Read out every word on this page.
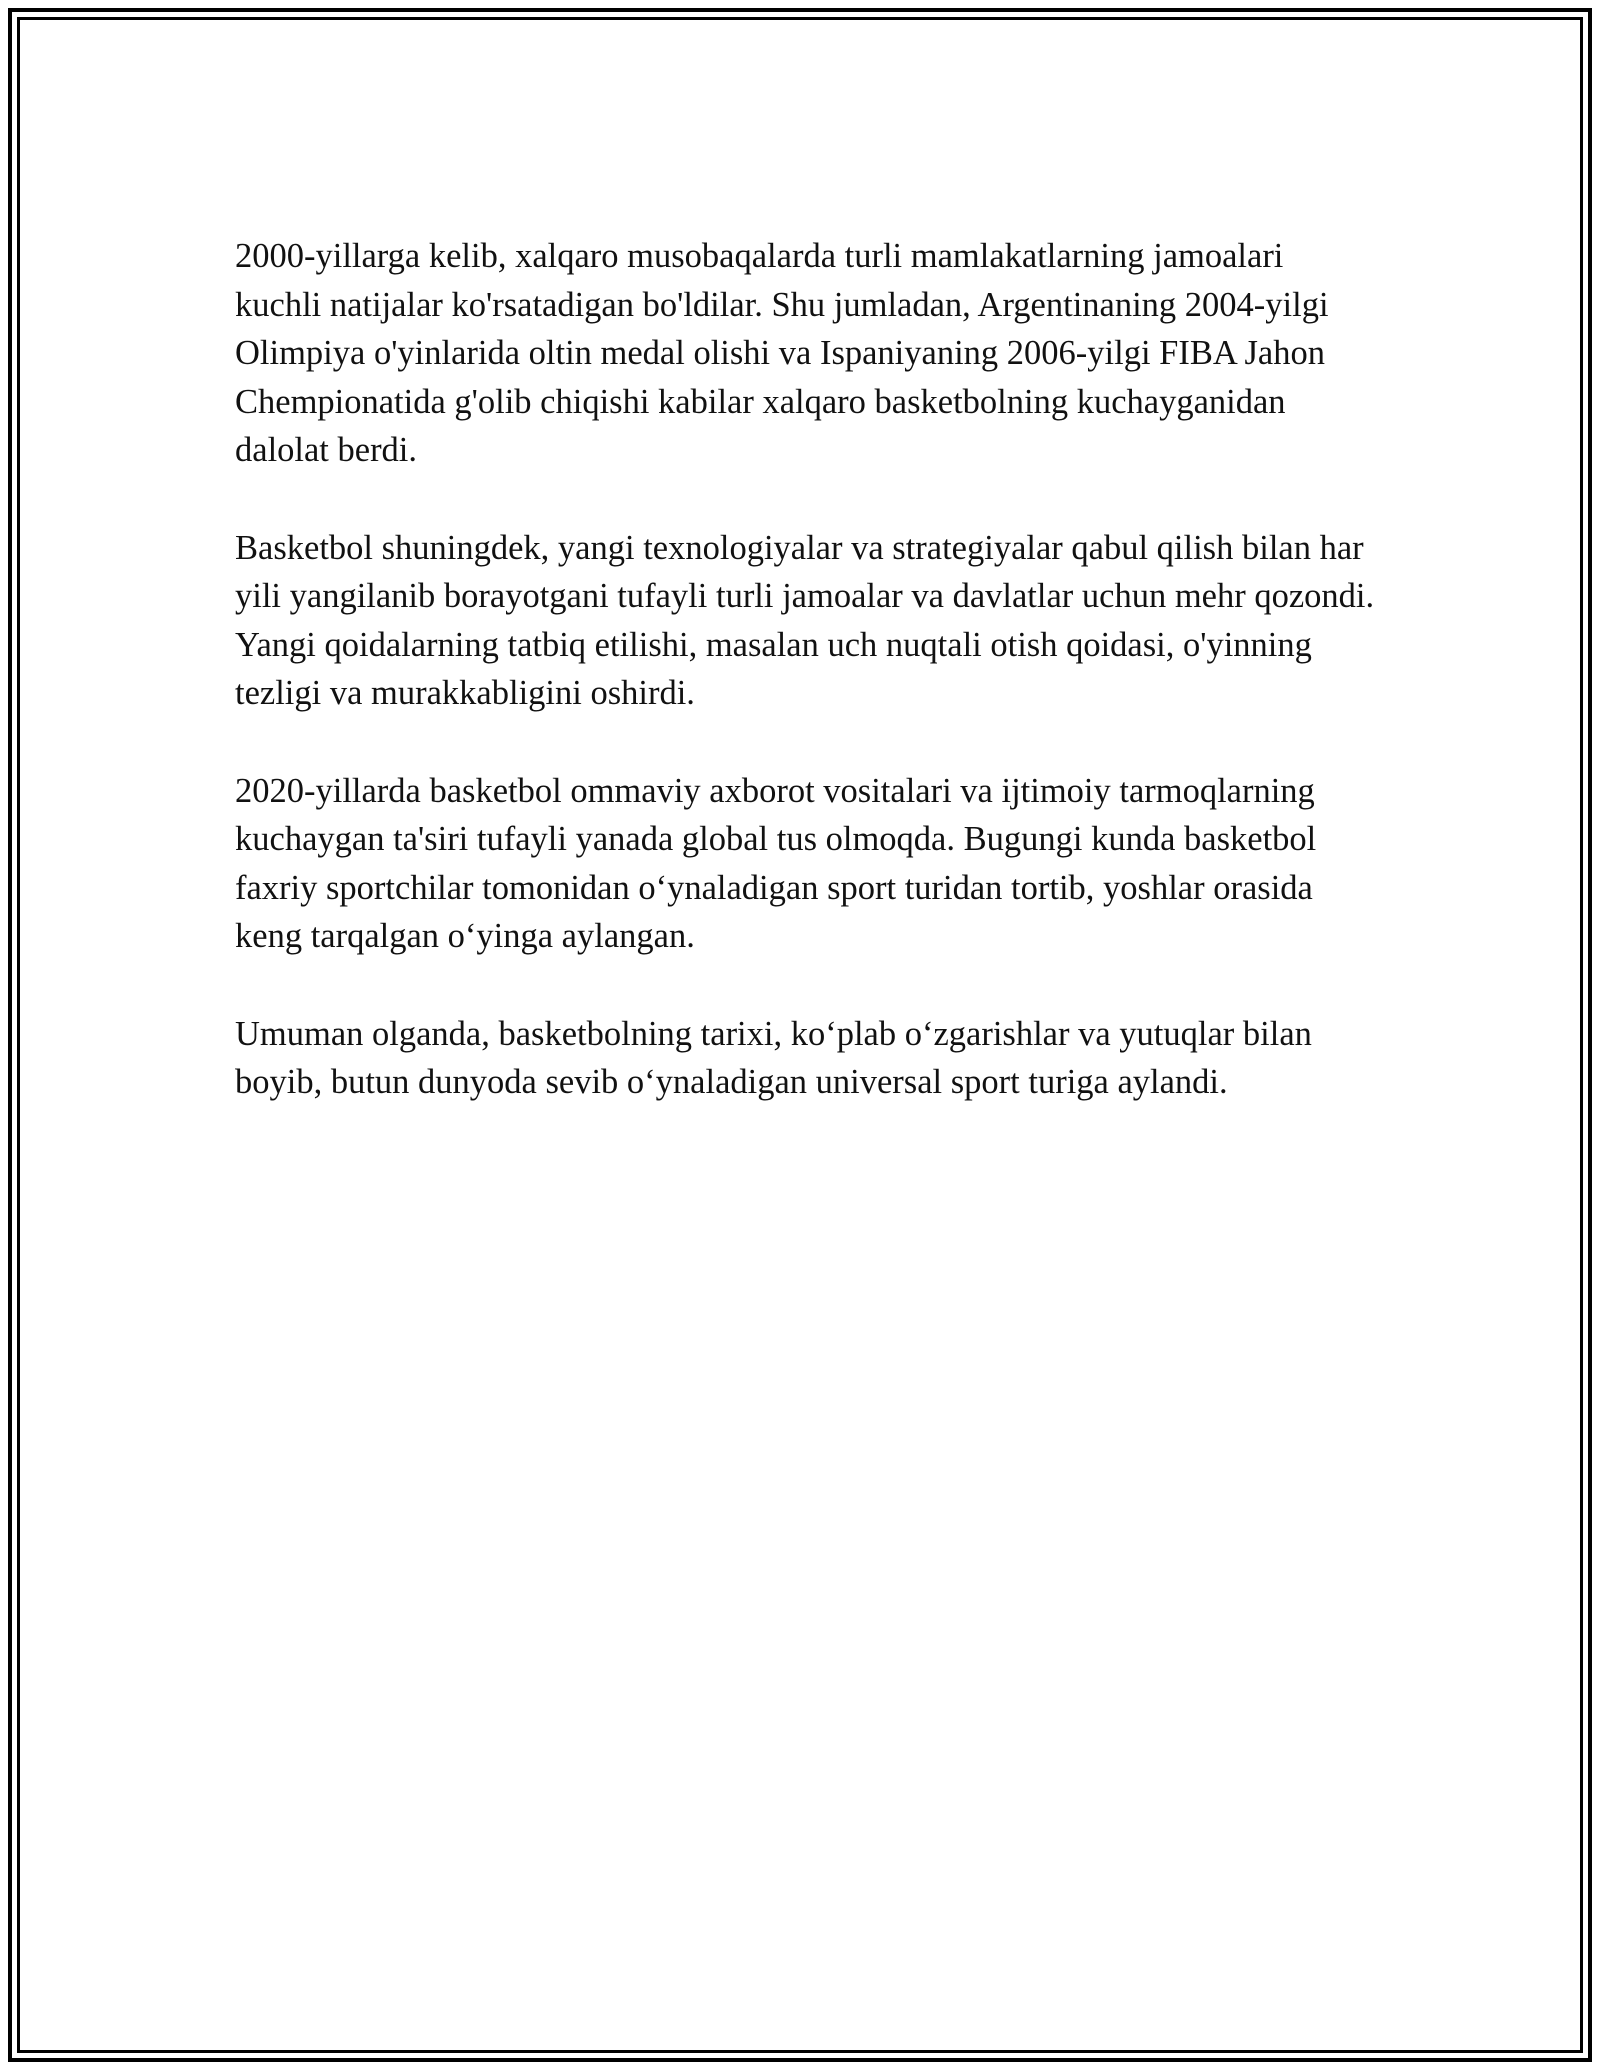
2000-yillarga kelib, xalqaro musobaqalarda turli mamlakatlarning jamoalari kuchli natijalar ko'rsatadigan bo'ldilar. Shu jumladan, Argentinaning 2004-yilgi Olimpiya o'yinlarida oltin medal olishi va Ispaniyaning 2006-yilgi FIBA Jahon Chempionatida g'olib chiqishi kabilar xalqaro basketbolning kuchayganidan dalolat berdi.

Basketbol shuningdek, yangi texnologiyalar va strategiyalar qabul qilish bilan har yili yangilanib borayotgani tufayli turli jamoalar va davlatlar uchun mehr qozondi. Yangi qoidalarning tatbiq etilishi, masalan uch nuqtali otish qoidasi, o'yinning tezligi va murakkabligini oshirdi.

2020-yillarda basketbol ommaviy axborot vositalari va ijtimoiy tarmoqlarning kuchaygan ta'siri tufayli yanada global tus olmoqda. Bugungi kunda basketbol faxriy sportchilar tomonidan o‘ynaladigan sport turidan tortib, yoshlar orasida keng tarqalgan o‘yinga aylangan.

Umuman olganda, basketbolning tarixi, ko‘plab o‘zgarishlar va yutuqlar bilan boyib, butun dunyoda sevib o‘ynaladigan universal sport turiga aylandi.
